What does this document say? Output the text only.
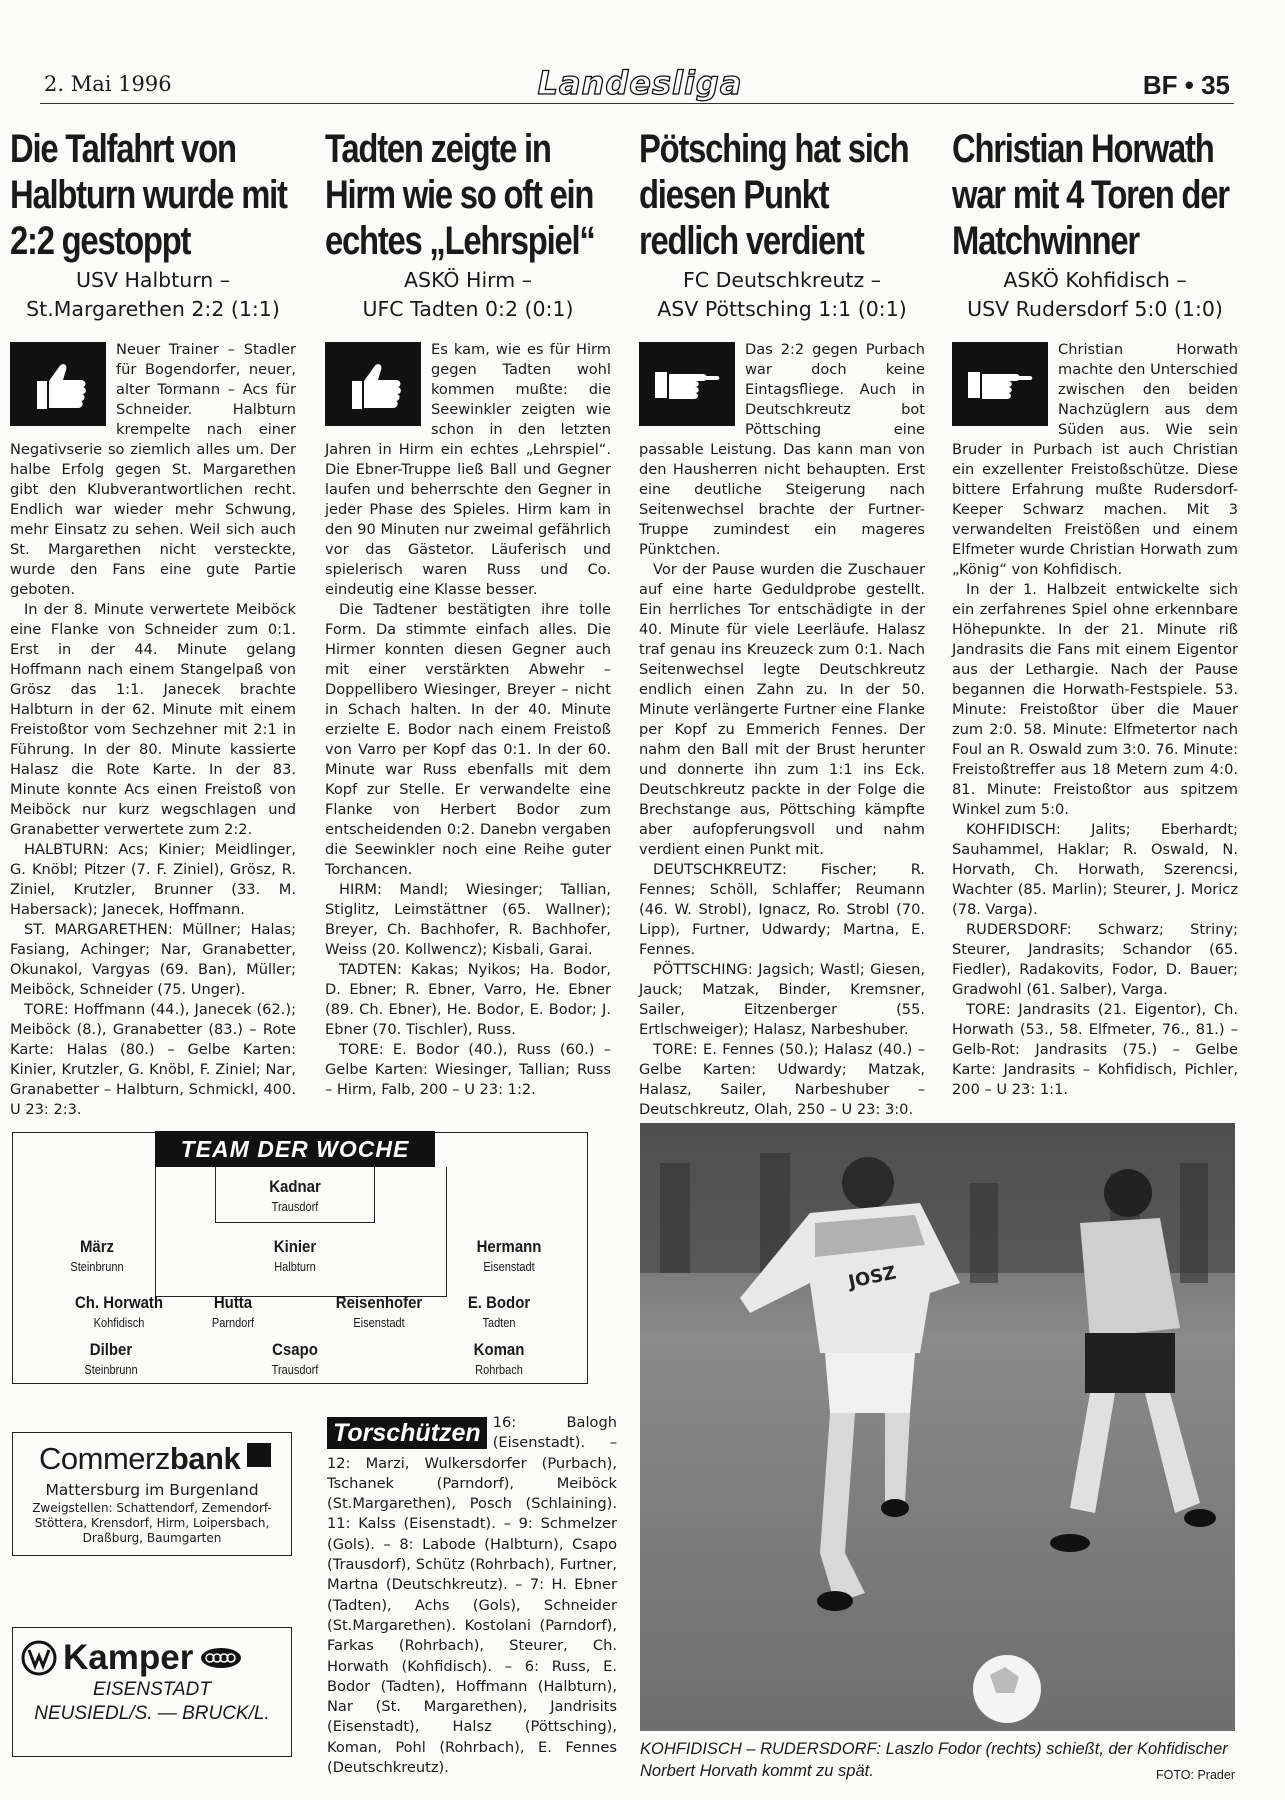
2. Mai 1996	Landesliga	BF • 35
Die Talfahrt von Halbturn wurde mit 2:2 gestoppt
USV Halbturn –
St.Margarethen 2:2 (1:1)

Neuer Trainer – Stadler für Bogendorfer, neuer, alter Tormann – Acs für Schneider. Halbturn krempelte nach einer Negativserie so ziemlich alles um. Der halbe Erfolg gegen St. Margarethen gibt den Klubverantwortlichen recht. Endlich war wieder mehr Schwung, mehr Einsatz zu sehen. Weil sich auch St. Margarethen nicht versteckte, wurde den Fans eine gute Partie geboten.

In der 8. Minute verwertete Meiböck eine Flanke von Schneider zum 0:1. Erst in der 44. Minute gelang Hoffmann nach einem Stangelpaß von Grösz das 1:1. Janecek brachte Halbturn in der 62. Minute mit einem Freistoßtor vom Sechzehner mit 2:1 in Führung. In der 80. Minute kassierte Halasz die Rote Karte. In der 83. Minute konnte Acs einen Freistoß von Meiböck nur kurz wegschlagen und Granabetter verwertete zum 2:2.

HALBTURN: Acs; Kinier; Meidlinger, G. Knöbl; Pitzer (7. F. Ziniel), Grösz, R. Ziniel, Krutzler, Brunner (33. M. Habersack); Janecek, Hoffmann.

ST. MARGARETHEN: Müllner; Halas; Fasiang, Achinger; Nar, Granabetter, Okunakol, Vargyas (69. Ban), Müller; Meiböck, Schneider (75. Unger).

TORE: Hoffmann (44.), Janecek (62.); Meiböck (8.), Granabetter (83.) – Rote Karte: Halas (80.) – Gelbe Karten: Kinier, Krutzler, G. Knöbl, F. Ziniel; Nar, Granabetter – Halbturn, Schmickl, 400. U 23: 2:3.

Tadten zeigte in Hirm wie so oft ein echtes „Lehrspiel“
ASKÖ Hirm –
UFC Tadten 0:2 (0:1)

Es kam, wie es für Hirm gegen Tadten wohl kommen mußte: die Seewinkler zeigten wie schon in den letzten Jahren in Hirm ein echtes „Lehrspiel“. Die Ebner-Truppe ließ Ball und Gegner laufen und beherrschte den Gegner in jeder Phase des Spieles. Hirm kam in den 90 Minuten nur zweimal gefährlich vor das Gästetor. Läuferisch und spielerisch waren Russ und Co. eindeutig eine Klasse besser.

Die Tadtener bestätigten ihre tolle Form. Da stimmte einfach alles. Die Hirmer konnten diesen Gegner auch mit einer verstärkten Abwehr – Doppellibero Wiesinger, Breyer – nicht in Schach halten. In der 40. Minute erzielte E. Bodor nach einem Freistoß von Varro per Kopf das 0:1. In der 60. Minute war Russ ebenfalls mit dem Kopf zur Stelle. Er verwandelte eine Flanke von Herbert Bodor zum entscheidenden 0:2. Danebn vergaben die Seewinkler noch eine Reihe guter Torchancen.

HIRM: Mandl; Wiesinger; Tallian, Stiglitz, Leimstättner (65. Wallner); Breyer, Ch. Bachhofer, R. Bachhofer, Weiss (20. Kollwencz); Kisbali, Garai.

TADTEN: Kakas; Nyikos; Ha. Bodor, D. Ebner; R. Ebner, Varro, He. Ebner (89. Ch. Ebner), He. Bodor, E. Bodor; J. Ebner (70. Tischler), Russ.

TORE: E. Bodor (40.), Russ (60.) – Gelbe Karten: Wiesinger, Tallian; Russ – Hirm, Falb, 200 – U 23: 1:2.

Pötsching hat sich diesen Punkt redlich verdient
FC Deutschkreutz –
ASV Pöttsching 1:1 (0:1)

Das 2:2 gegen Purbach war doch keine Eintagsfliege. Auch in Deutschkreutz bot Pöttsching eine passable Leistung. Das kann man von den Hausherren nicht behaupten. Erst eine deutliche Steigerung nach Seitenwechsel brachte der Furtner-Truppe zumindest ein mageres Pünktchen.

Vor der Pause wurden die Zuschauer auf eine harte Geduldprobe gestellt. Ein herrliches Tor entschädigte in der 40. Minute für viele Leerläufe. Halasz traf genau ins Kreuzeck zum 0:1. Nach Seitenwechsel legte Deutschkreutz endlich einen Zahn zu. In der 50. Minute verlängerte Furtner eine Flanke per Kopf zu Emmerich Fennes. Der nahm den Ball mit der Brust herunter und donnerte ihn zum 1:1 ins Eck. Deutschkreutz packte in der Folge die Brechstange aus, Pöttsching kämpfte aber aufopferungsvoll und nahm verdient einen Punkt mit.

DEUTSCHKREUTZ: Fischer; R. Fennes; Schöll, Schlaffer; Reumann (46. W. Strobl), Ignacz, Ro. Strobl (70. Lipp), Furtner, Udwardy; Martna, E. Fennes.

PÖTTSCHING: Jagsich; Wastl; Giesen, Jauck; Matzak, Binder, Kremsner, Sailer, Eitzenberger (55. Ertlschweiger); Halasz, Narbeshuber.

TORE: E. Fennes (50.); Halasz (40.) – Gelbe Karten: Udwardy; Matzak, Halasz, Sailer, Narbeshuber – Deutschkreutz, Olah, 250 – U 23: 3:0.

Christian Horwath war mit 4 Toren der Matchwinner
ASKÖ Kohfidisch –
USV Rudersdorf 5:0 (1:0)

Christian Horwath machte den Unterschied zwischen den beiden Nachzüglern aus dem Süden aus. Wie sein Bruder in Purbach ist auch Christian ein exzellenter Freistoßschütze. Diese bittere Erfahrung mußte Rudersdorf-Keeper Schwarz machen. Mit 3 verwandelten Freistößen und einem Elfmeter wurde Christian Horwath zum „König“ von Kohfidisch.

In der 1. Halbzeit entwickelte sich ein zerfahrenes Spiel ohne erkennbare Höhepunkte. In der 21. Minute riß Jandrasits die Fans mit einem Eigentor aus der Lethargie. Nach der Pause begannen die Horwath-Festspiele. 53. Minute: Freistoßtor über die Mauer zum 2:0. 58. Minute: Elfmetertor nach Foul an R. Oswald zum 3:0. 76. Minute: Freistoßtreffer aus 18 Metern zum 4:0. 81. Minute: Freistoßtor aus spitzem Winkel zum 5:0.

KOHFIDISCH: Jalits; Eberhardt; Sauhammel, Haklar; R. Oswald, N. Horvath, Ch. Horwath, Szerencsi, Wachter (85. Marlin); Steurer, J. Moricz (78. Varga).

RUDERSDORF: Schwarz; Striny; Steurer, Jandrasits; Schandor (65. Fiedler), Radakovits, Fodor, D. Bauer; Gradwohl (61. Salber), Varga.

TORE: Jandrasits (21. Eigentor), Ch. Horwath (53., 58. Elfmeter, 76., 81.) – Gelb-Rot: Jandrasits (75.) – Gelbe Karte: Jandrasits – Kohfidisch, Pichler, 200 – U 23: 1:1.

TEAM DER WOCHE
Kadnar
Trausdorf
März
Steinbrunn
Kinier
Halbturn
Hermann
Eisenstadt
Ch. Horwath
Kohfidisch
Hutta
Parndorf
Reisenhofer
Eisenstadt
E. Bodor
Tadten
Dilber
Steinbrunn
Csapo
Trausdorf
Koman
Rohrbach
Commerzbank
Mattersburg im Burgenland
Zweigstellen: Schattendorf, Zemendorf-Stöttera, Krensdorf, Hirm, Loipersbach, Draßburg, Baumgarten
Kamper
EISENSTADT
NEUSIEDL/S. — BRUCK/L.
Torschützen 16: Balogh (Eisenstadt). – 12: Marzi, Wulkersdorfer (Purbach), Tschanek (Parndorf), Meiböck (St.Margarethen), Posch (Schlaining). 11: Kalss (Eisenstadt). – 9: Schmelzer (Gols). – 8: Labode (Halbturn), Csapo (Trausdorf), Schütz (Rohrbach), Furtner, Martna (Deutschkreutz). – 7: H. Ebner (Tadten), Achs (Gols), Schneider (St.Margarethen). Kostolani (Parndorf), Farkas (Rohrbach), Steurer, Ch. Horwath (Kohfidisch). – 6: Russ, E. Bodor (Tadten), Hoffmann (Halbturn), Nar (St. Margarethen), Jandrisits (Eisenstadt), Halsz (Pöttsching), Koman, Pohl (Rohrbach), E. Fennes (Deutschkreutz).
JOSZ
KOHFIDISCH – RUDERSDORF: Laszlo Fodor (rechts) schießt, der Kohfidischer Norbert Horvath kommt zu spät.	FOTO: Prader
